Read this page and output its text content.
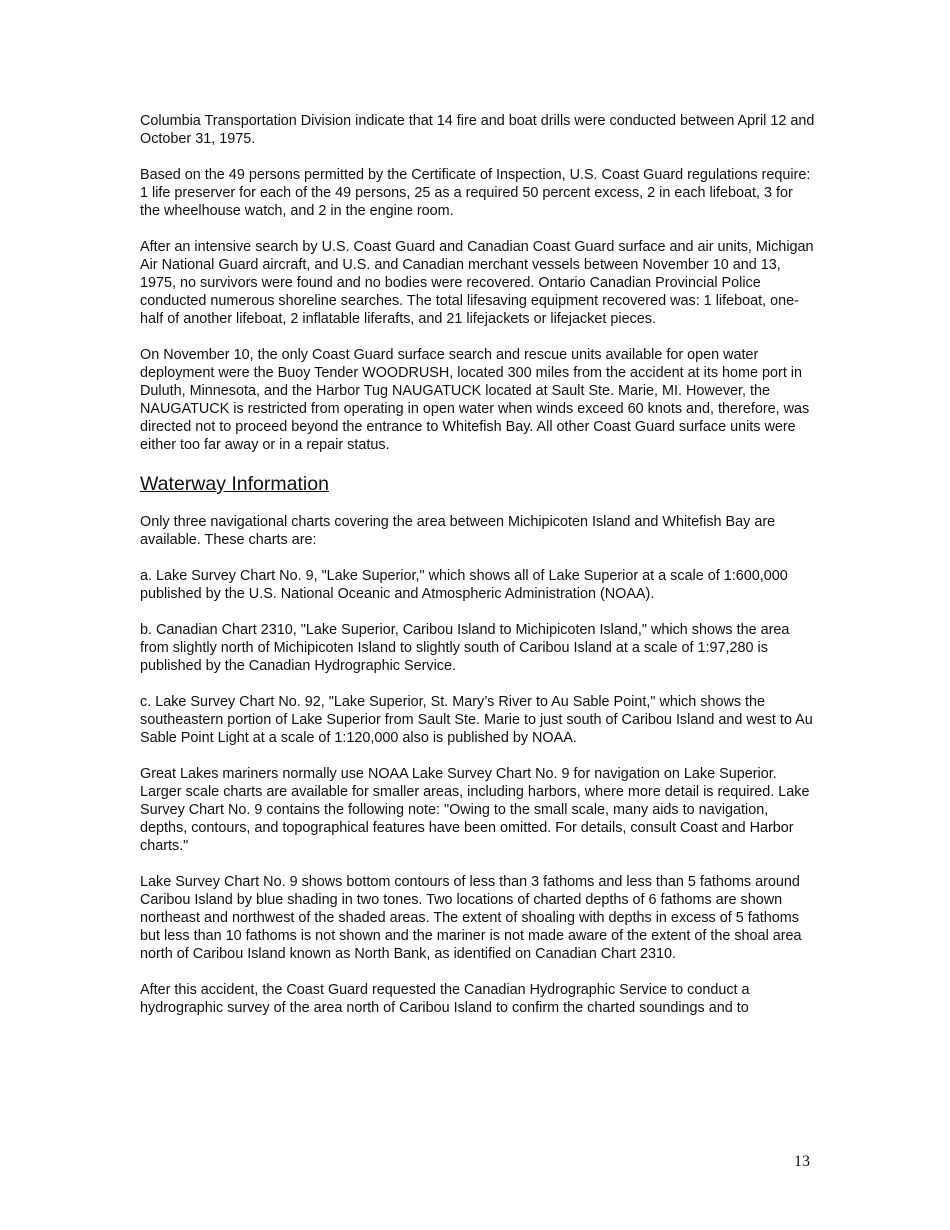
Columbia Transportation Division indicate that 14 fire and boat drills were conducted between April 12 and October 31, 1975.

Based on the 49 persons permitted by the Certificate of Inspection, U.S. Coast Guard regulations require: 1 life preserver for each of the 49 persons, 25 as a required 50 percent excess, 2 in each lifeboat, 3 for the wheelhouse watch, and 2 in the engine room.

After an intensive search by U.S. Coast Guard and Canadian Coast Guard surface and air units, Michigan Air National Guard aircraft, and U.S. and Canadian merchant vessels between November 10 and 13, 1975, no survivors were found and no bodies were recovered. Ontario Canadian Provincial Police conducted numerous shoreline searches. The total lifesaving equipment recovered was: 1 lifeboat, one-half of another lifeboat, 2 inflatable liferafts, and 21 lifejackets or lifejacket pieces.

On November 10, the only Coast Guard surface search and rescue units available for open water deployment were the Buoy Tender WOODRUSH, located 300 miles from the accident at its home port in Duluth, Minnesota, and the Harbor Tug NAUGATUCK located at Sault Ste. Marie, MI. However, the NAUGATUCK is restricted from operating in open water when winds exceed 60 knots and, therefore, was directed not to proceed beyond the entrance to Whitefish Bay. All other Coast Guard surface units were either too far away or in a repair status.

Waterway Information

Only three navigational charts covering the area between Michipicoten Island and Whitefish Bay are available. These charts are:

a. Lake Survey Chart No. 9, "Lake Superior," which shows all of Lake Superior at a scale of 1:600,000 published by the U.S. National Oceanic and Atmospheric Administration (NOAA).

b. Canadian Chart 2310, "Lake Superior, Caribou Island to Michipicoten Island," which shows the area from slightly north of Michipicoten Island to slightly south of Caribou Island at a scale of 1:97,280 is published by the Canadian Hydrographic Service.

c. Lake Survey Chart No. 92, "Lake Superior, St. Mary’s River to Au Sable Point," which shows the southeastern portion of Lake Superior from Sault Ste. Marie to just south of Caribou Island and west to Au Sable Point Light at a scale of 1:120,000 also is published by NOAA.

Great Lakes mariners normally use NOAA Lake Survey Chart No. 9 for navigation on Lake Superior. Larger scale charts are available for smaller areas, including harbors, where more detail is required. Lake Survey Chart No. 9 contains the following note: "Owing to the small scale, many aids to navigation, depths, contours, and topographical features have been omitted. For details, consult Coast and Harbor charts."

Lake Survey Chart No. 9 shows bottom contours of less than 3 fathoms and less than 5 fathoms around Caribou Island by blue shading in two tones. Two locations of charted depths of 6 fathoms are shown northeast and northwest of the shaded areas. The extent of shoaling with depths in excess of 5 fathoms but less than 10 fathoms is not shown and the mariner is not made aware of the extent of the shoal area north of Caribou Island known as North Bank, as identified on Canadian Chart 2310.

After this accident, the Coast Guard requested the Canadian Hydrographic Service to conduct a hydrographic survey of the area north of Caribou Island to confirm the charted soundings and to

13
